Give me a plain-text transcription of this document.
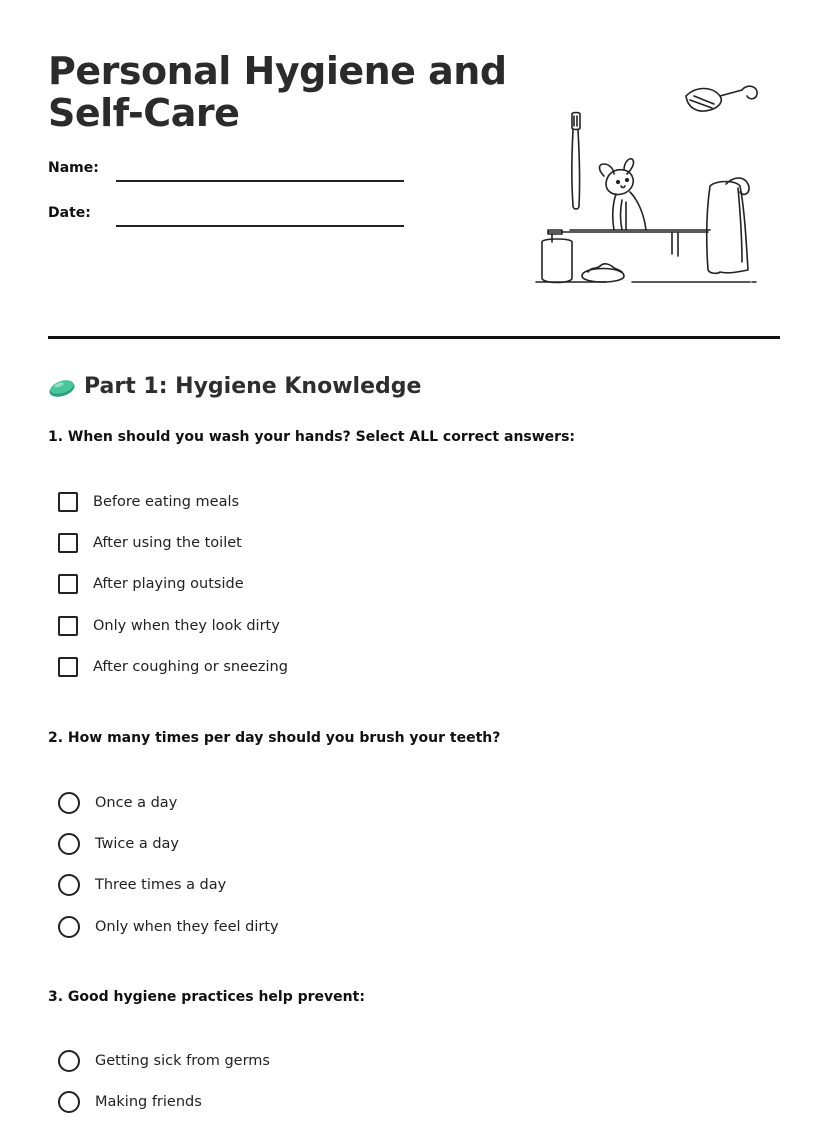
Personal Hygiene and
Self-Care
Name:
Date:
Part 1: Hygiene Knowledge

1. When should you wash your hands? Select ALL correct answers:

Before eating meals
After using the toilet
After playing outside
Only when they look dirty
After coughing or sneezing

2. How many times per day should you brush your teeth?

Once a day
Twice a day
Three times a day
Only when they feel dirty

3. Good hygiene practices help prevent:

Getting sick from germs
Making friends
